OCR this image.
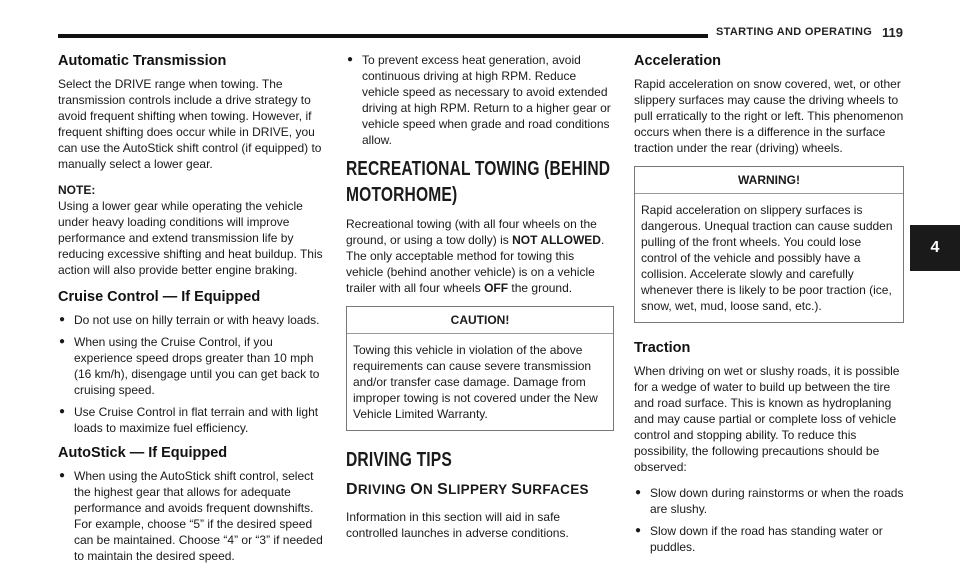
STARTING AND OPERATING 119
4
Automatic Transmission

Select the DRIVE range when towing. The transmission controls include a drive strategy to avoid frequent shifting when towing. However, if frequent shifting does occur while in DRIVE, you can use the AutoStick shift control (if equipped) to manually select a lower gear.

NOTE:

Using a lower gear while operating the vehicle under heavy loading conditions will improve performance and extend transmission life by reducing excessive shifting and heat buildup. This action will also provide better engine braking.

Cruise Control — If Equipped
● Do not use on hilly terrain or with heavy loads.
● When using the Cruise Control, if you experience speed drops greater than 10 mph (16 km/h), disengage until you can get back to cruising speed.
● Use Cruise Control in flat terrain and with light loads to maximize fuel efficiency.
AutoStick — If Equipped
● When using the AutoStick shift control, select the highest gear that allows for adequate performance and avoids frequent downshifts. For example, choose “5” if the desired speed can be maintained. Choose “4” or “3” if needed to maintain the desired speed.
● To prevent excess heat generation, avoid continuous driving at high RPM. Reduce vehicle speed as necessary to avoid extended driving at high RPM. Return to a higher gear or vehicle speed when grade and road conditions allow.
RECREATIONAL TOWING (BEHIND
MOTORHOME)

Recreational towing (with all four wheels on the ground, or using a tow dolly) is NOT ALLOWED. The only acceptable method for towing this vehicle (behind another vehicle) is on a vehicle trailer with all four wheels OFF the ground.

CAUTION!
Towing this vehicle in violation of the above requirements can cause severe transmission and/or transfer case damage. Damage from improper towing is not covered under the New Vehicle Limited Warranty.
DRIVING TIPS
DRIVING ON SLIPPERY SURFACES

Information in this section will aid in safe controlled launches in adverse conditions.

Acceleration

Rapid acceleration on snow covered, wet, or other slippery surfaces may cause the driving wheels to pull erratically to the right or left. This phenomenon occurs when there is a difference in the surface traction under the rear (driving) wheels.

WARNING!
Rapid acceleration on slippery surfaces is dangerous. Unequal traction can cause sudden pulling of the front wheels. You could lose control of the vehicle and possibly have a collision. Accelerate slowly and carefully whenever there is likely to be poor traction (ice, snow, wet, mud, loose sand, etc.).
Traction

When driving on wet or slushy roads, it is possible for a wedge of water to build up between the tire and road surface. This is known as hydroplaning and may cause partial or complete loss of vehicle control and stopping ability. To reduce this possibility, the following precautions should be observed:

● Slow down during rainstorms or when the roads are slushy.
● Slow down if the road has standing water or puddles.
